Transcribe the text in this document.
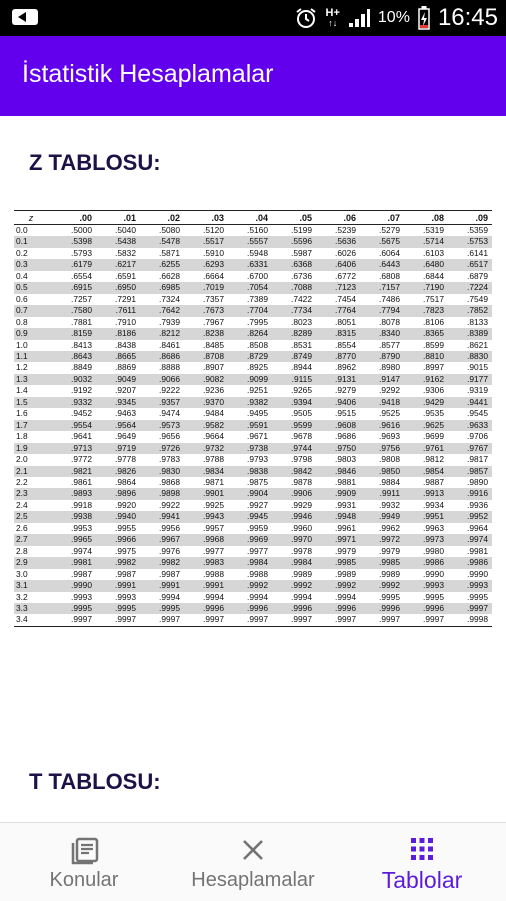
H+
↑↓	10% 16:45
İstatistik Hesaplamalar
Z TABLOSU:
z	.00	.01	.02	.03	.04	.05	.06	.07	.08	.09
0.0	.5000	.5040	.5080	.5120	.5160	.5199	.5239	.5279	.5319	.5359
0.1	.5398	.5438	.5478	.5517	.5557	.5596	.5636	.5675	.5714	.5753
0.2	.5793	.5832	.5871	.5910	.5948	.5987	.6026	.6064	.6103	.6141
0.3	.6179	.6217	.6255	.6293	.6331	.6368	.6406	.6443	.6480	.6517
0.4	.6554	.6591	.6628	.6664	.6700	.6736	.6772	.6808	.6844	.6879
0.5	.6915	.6950	.6985	.7019	.7054	.7088	.7123	.7157	.7190	.7224
0.6	.7257	.7291	.7324	.7357	.7389	.7422	.7454	.7486	.7517	.7549
0.7	.7580	.7611	.7642	.7673	.7704	.7734	.7764	.7794	.7823	.7852
0.8	.7881	.7910	.7939	.7967	.7995	.8023	.8051	.8078	.8106	.8133
0.9	.8159	.8186	.8212	.8238	.8264	.8289	.8315	.8340	.8365	.8389
1.0	.8413	.8438	.8461	.8485	.8508	.8531	.8554	.8577	.8599	.8621
1.1	.8643	.8665	.8686	.8708	.8729	.8749	.8770	.8790	.8810	.8830
1.2	.8849	.8869	.8888	.8907	.8925	.8944	.8962	.8980	.8997	.9015
1.3	.9032	.9049	.9066	.9082	.9099	.9115	.9131	.9147	.9162	.9177
1.4	.9192	.9207	.9222	.9236	.9251	.9265	.9279	.9292	.9306	.9319
1.5	.9332	.9345	.9357	.9370	.9382	.9394	.9406	.9418	.9429	.9441
1.6	.9452	.9463	.9474	.9484	.9495	.9505	.9515	.9525	.9535	.9545
1.7	.9554	.9564	.9573	.9582	.9591	.9599	.9608	.9616	.9625	.9633
1.8	.9641	.9649	.9656	.9664	.9671	.9678	.9686	.9693	.9699	.9706
1.9	.9713	.9719	.9726	.9732	.9738	.9744	.9750	.9756	.9761	.9767
2.0	.9772	.9778	.9783	.9788	.9793	.9798	.9803	.9808	.9812	.9817
2.1	.9821	.9826	.9830	.9834	.9838	.9842	.9846	.9850	.9854	.9857
2.2	.9861	.9864	.9868	.9871	.9875	.9878	.9881	.9884	.9887	.9890
2.3	.9893	.9896	.9898	.9901	.9904	.9906	.9909	.9911	.9913	.9916
2.4	.9918	.9920	.9922	.9925	.9927	.9929	.9931	.9932	.9934	.9936
2.5	.9938	.9940	.9941	.9943	.9945	.9946	.9948	.9949	.9951	.9952
2.6	.9953	.9955	.9956	.9957	.9959	.9960	.9961	.9962	.9963	.9964
2.7	.9965	.9966	.9967	.9968	.9969	.9970	.9971	.9972	.9973	.9974
2.8	.9974	.9975	.9976	.9977	.9977	.9978	.9979	.9979	.9980	.9981
2.9	.9981	.9982	.9982	.9983	.9984	.9984	.9985	.9985	.9986	.9986
3.0	.9987	.9987	.9987	.9988	.9988	.9989	.9989	.9989	.9990	.9990
3.1	.9990	.9991	.9991	.9991	.9992	.9992	.9992	.9992	.9993	.9993
3.2	.9993	.9993	.9994	.9994	.9994	.9994	.9994	.9995	.9995	.9995
3.3	.9995	.9995	.9995	.9996	.9996	.9996	.9996	.9996	.9996	.9997
3.4	.9997	.9997	.9997	.9997	.9997	.9997	.9997	.9997	.9997	.9998
T TABLOSU:
Konular	Hesaplamalar	Tablolar
